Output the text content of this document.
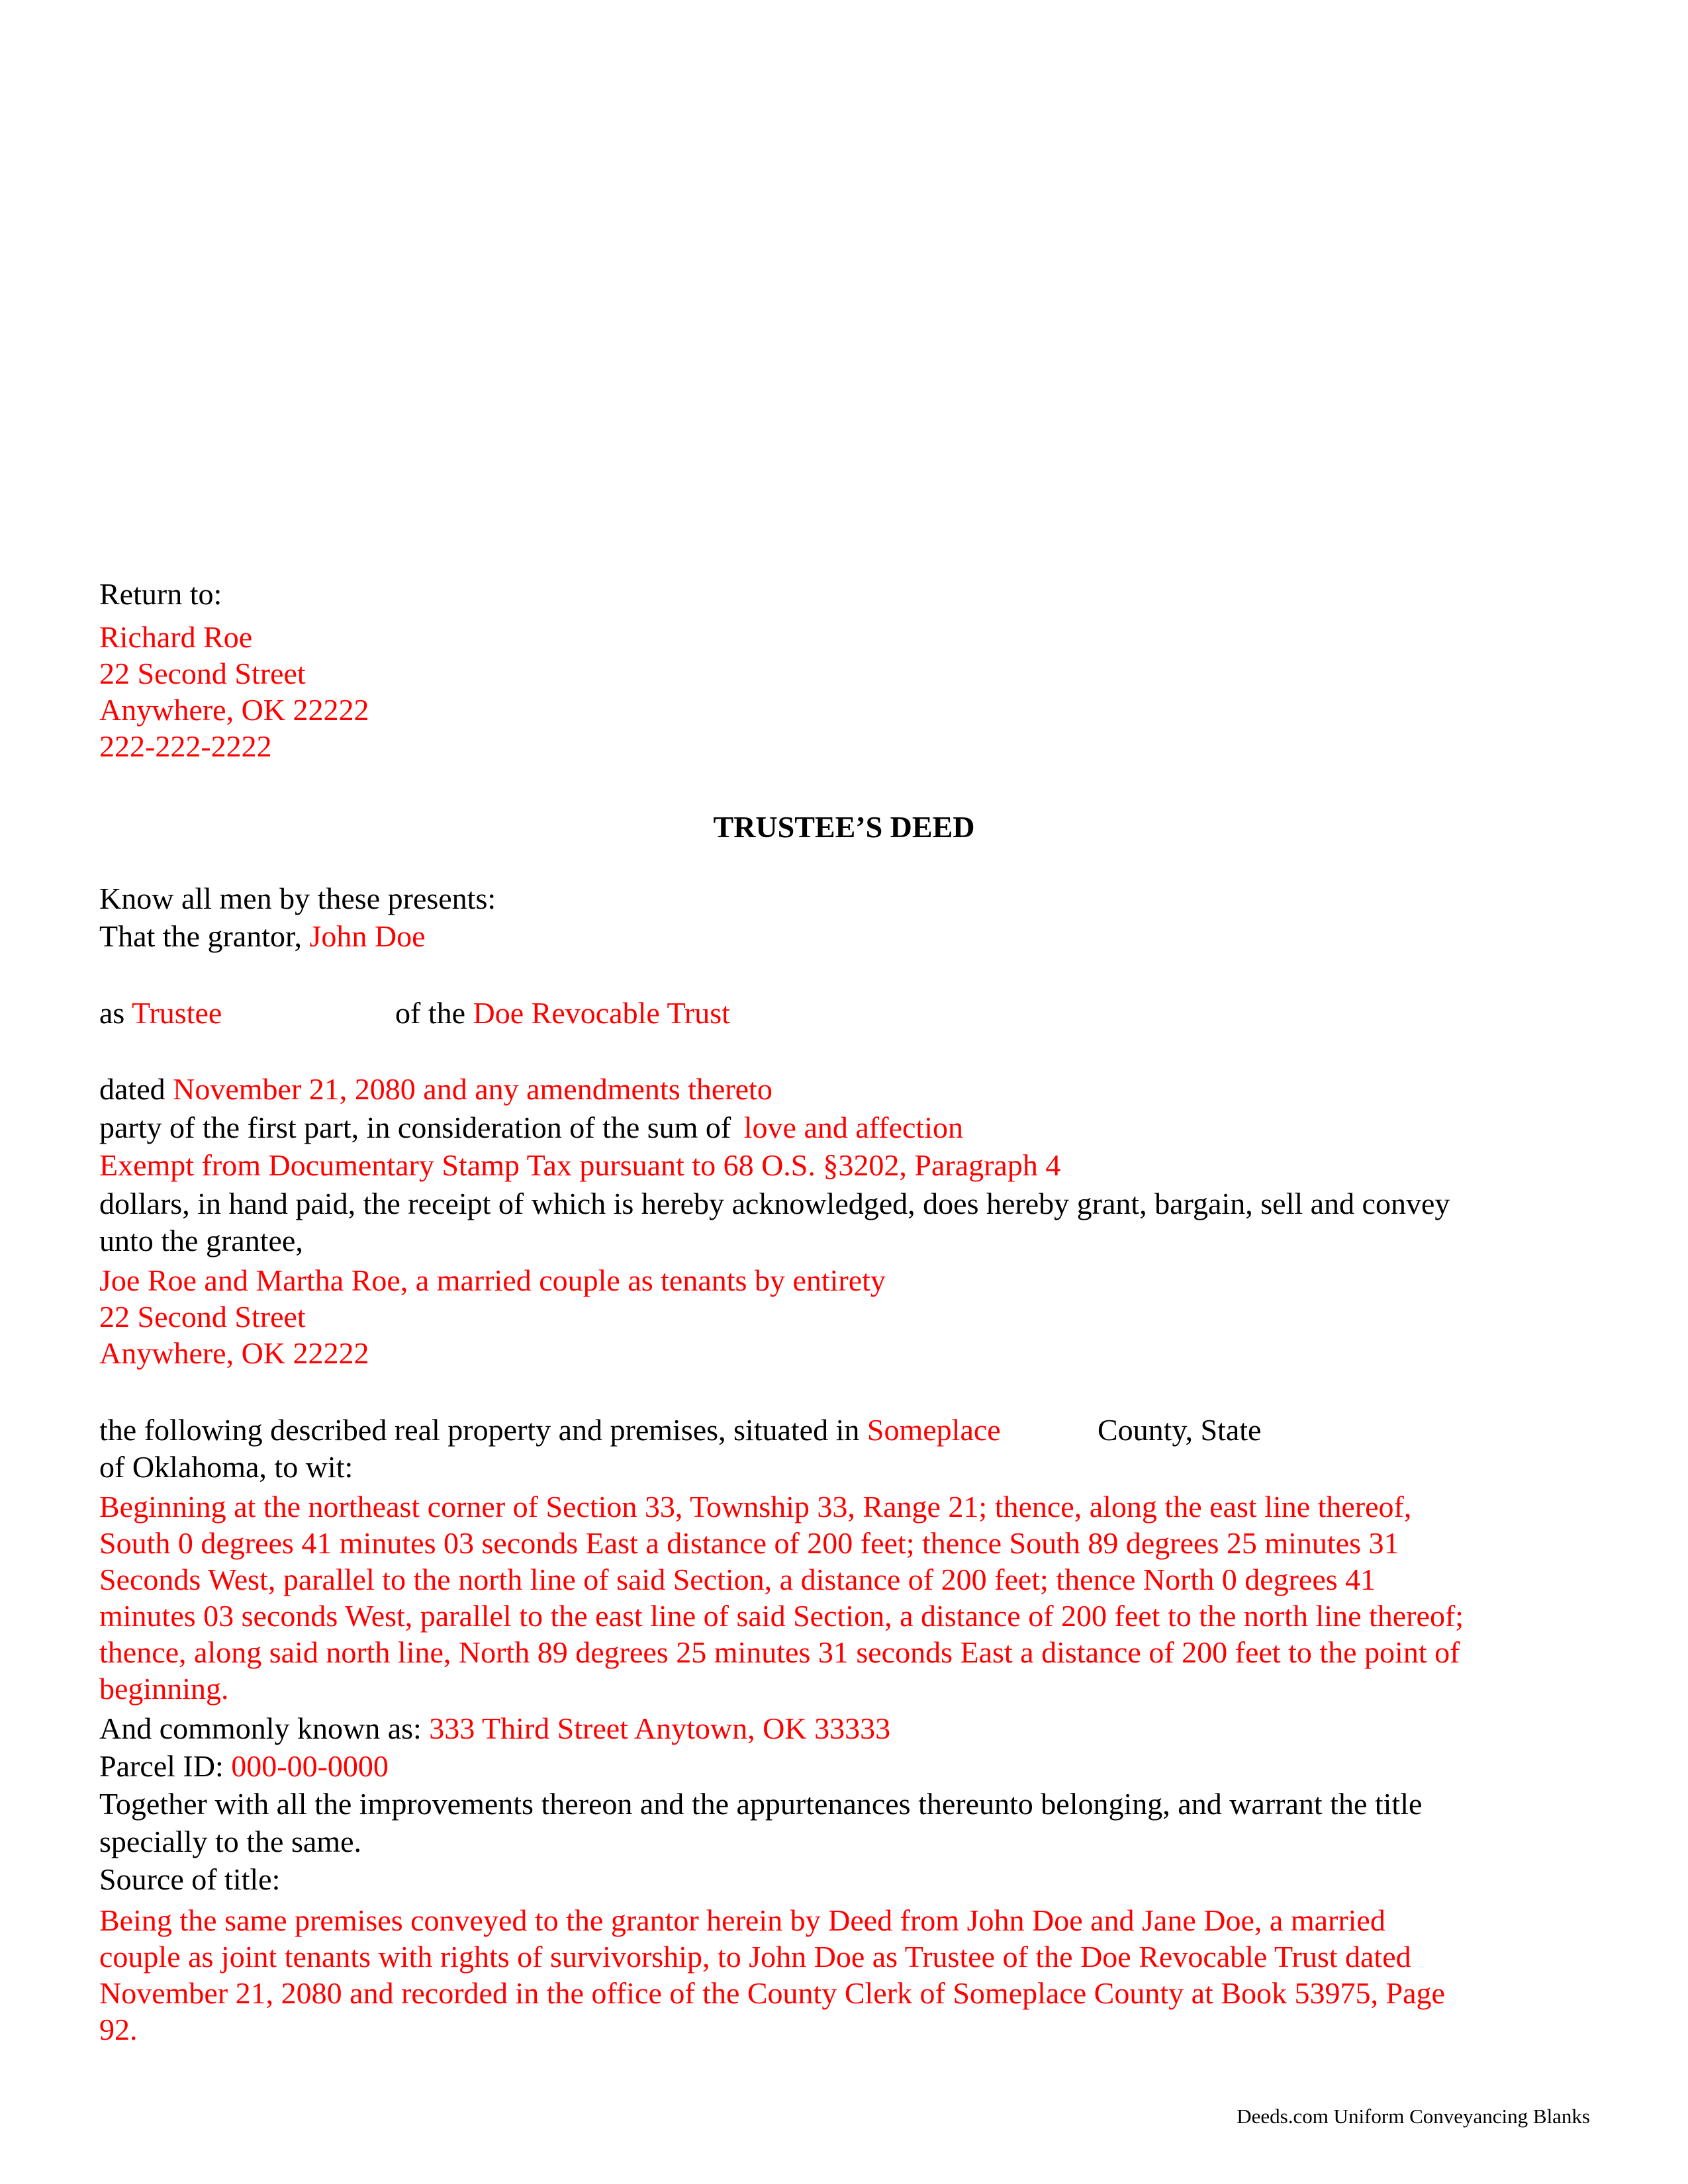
Return to:
Richard Roe
22 Second Street
Anywhere, OK 22222
222-222-2222
TRUSTEE’S DEED
Know all men by these presents:
That the grantor, John Doe
as Trustee	of the Doe Revocable Trust
dated November 21, 2080 and any amendments thereto
party of the first part, in consideration of the sum of love and affection
Exempt from Documentary Stamp Tax pursuant to 68 O.S. §3202, Paragraph 4
dollars, in hand paid, the receipt of which is hereby acknowledged, does hereby grant, bargain, sell and convey
unto the grantee,
Joe Roe and Martha Roe, a married couple as tenants by entirety
22 Second Street
Anywhere, OK 22222
the following described real property and premises, situated in Someplace	County, State
of Oklahoma, to wit:
Beginning at the northeast corner of Section 33, Township 33, Range 21; thence, along the east line thereof,
South 0 degrees 41 minutes 03 seconds East a distance of 200 feet; thence South 89 degrees 25 minutes 31
Seconds West, parallel to the north line of said Section, a distance of 200 feet; thence North 0 degrees 41
minutes 03 seconds West, parallel to the east line of said Section, a distance of 200 feet to the north line thereof;
thence, along said north line, North 89 degrees 25 minutes 31 seconds East a distance of 200 feet to the point of
beginning.
And commonly known as: 333 Third Street Anytown, OK 33333
Parcel ID: 000-00-0000
Together with all the improvements thereon and the appurtenances thereunto belonging, and warrant the title
specially to the same.
Source of title:
Being the same premises conveyed to the grantor herein by Deed from John Doe and Jane Doe, a married
couple as joint tenants with rights of survivorship, to John Doe as Trustee of the Doe Revocable Trust dated
November 21, 2080 and recorded in the office of the County Clerk of Someplace County at Book 53975, Page
92.
Deeds.com Uniform Conveyancing Blanks
